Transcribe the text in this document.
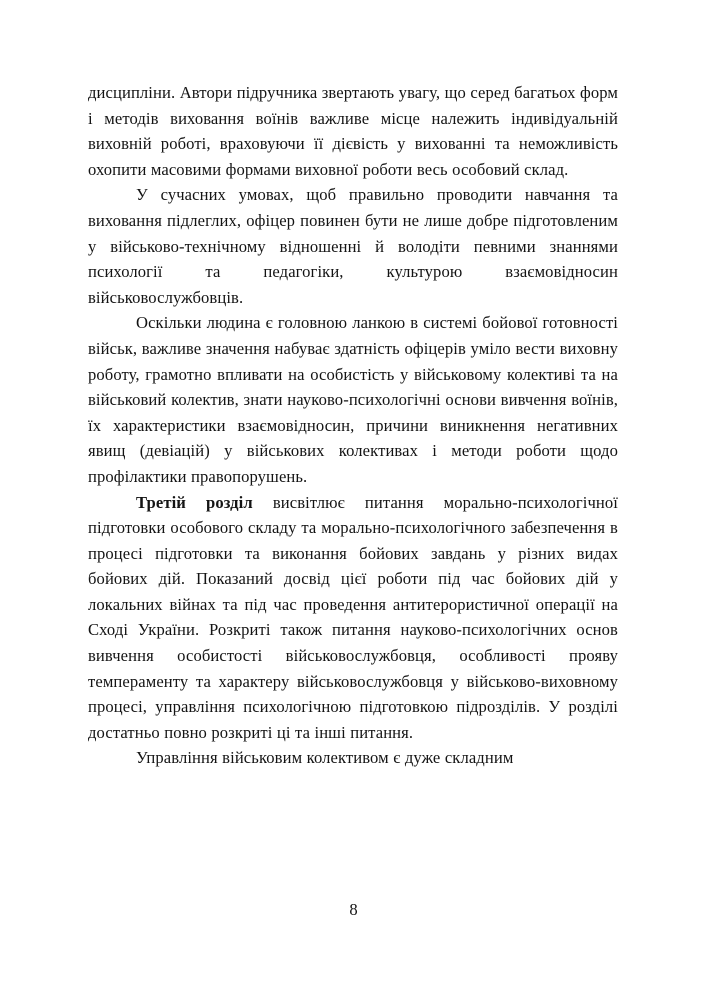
дисципліни. Автори підручника звертають увагу, що серед багатьох форм і методів виховання воїнів важливе місце належить індивідуальній виховній роботі, враховуючи її дієвість у вихованні та неможливість охопити масовими формами виховної роботи весь особовий склад.

У сучасних умовах, щоб правильно проводити навчання та виховання підлеглих, офіцер повинен бути не лише добре підготовленим у військово-технічному відношенні й володіти певними знаннями психології та педагогіки, культурою взаємовідносин військовослужбовців.

Оскільки людина є головною ланкою в системі бойової готовності військ, важливе значення набуває здатність офіцерів уміло вести виховну роботу, грамотно впливати на особистість у військовому колективі та на військовий колектив, знати науково-психологічні основи вивчення воїнів, їх характеристики взаємовідносин, причини виникнення негативних явищ (девіацій) у військових колективах і методи роботи щодо профілактики правопорушень.

Третій розділ висвітлює питання морально-психологічної підготовки особового складу та морально-психологічного забезпечення в процесі підготовки та виконання бойових завдань у різних видах бойових дій. Показаний досвід цієї роботи під час бойових дій у локальних війнах та під час проведення антитерористичної операції на Сході України. Розкриті також питання науково-психологічних основ вивчення особистості військовослужбовця, особливості прояву темпераменту та характеру військовослужбовця у військово-виховному процесі, управління психологічною підготовкою підрозділів. У розділі достатньо повно розкриті ці та інші питання.

Управління військовим колективом є дуже складним

8
